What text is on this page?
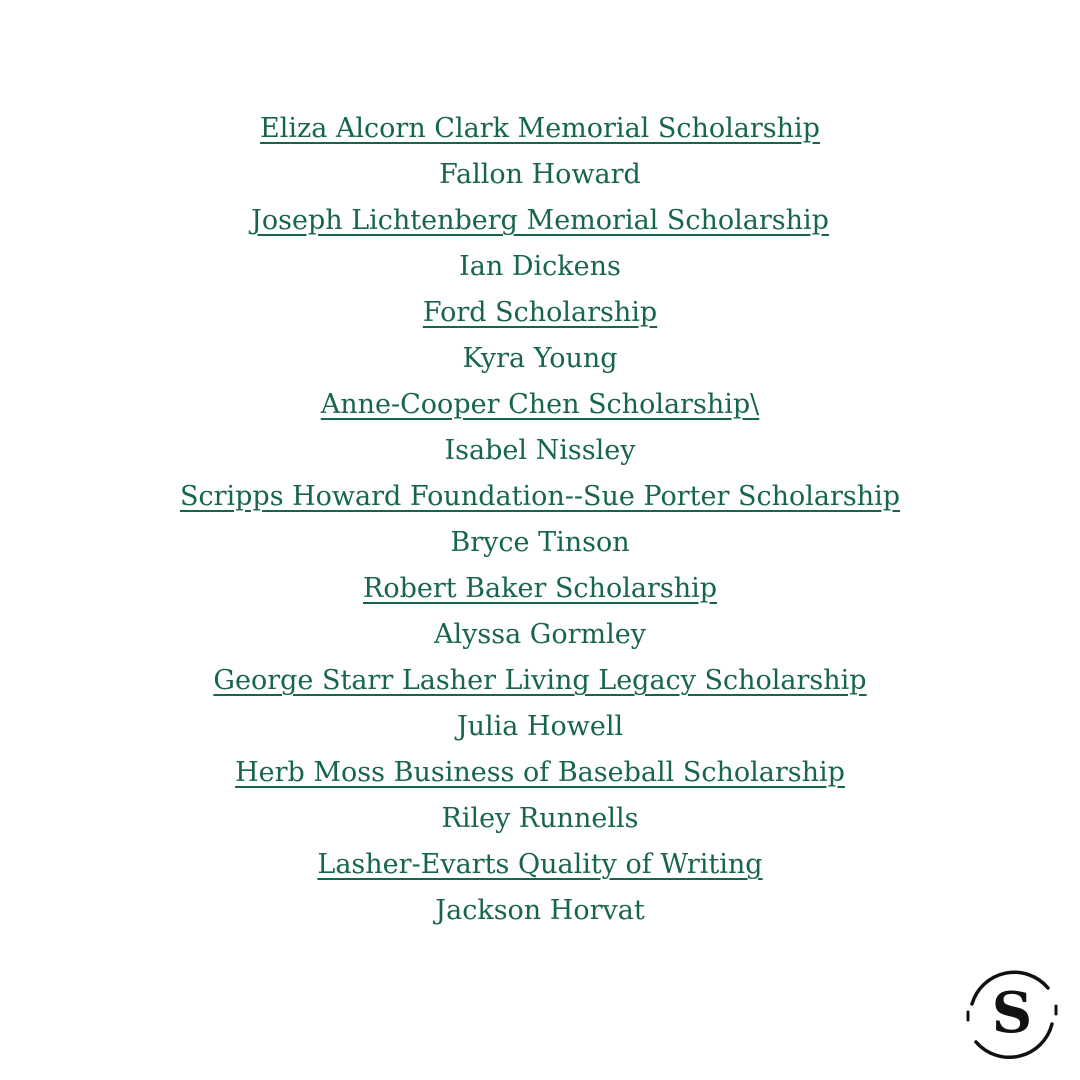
Eliza Alcorn Clark Memorial Scholarship
Fallon Howard
Joseph Lichtenberg Memorial Scholarship
Ian Dickens
Ford Scholarship
Kyra Young
Anne-Cooper Chen Scholarship\
Isabel Nissley
Scripps Howard Foundation--Sue Porter Scholarship
Bryce Tinson
Robert Baker Scholarship
Alyssa Gormley
George Starr Lasher Living Legacy Scholarship
Julia Howell
Herb Moss Business of Baseball Scholarship
Riley Runnells
Lasher-Evarts Quality of Writing
Jackson Horvat
S
